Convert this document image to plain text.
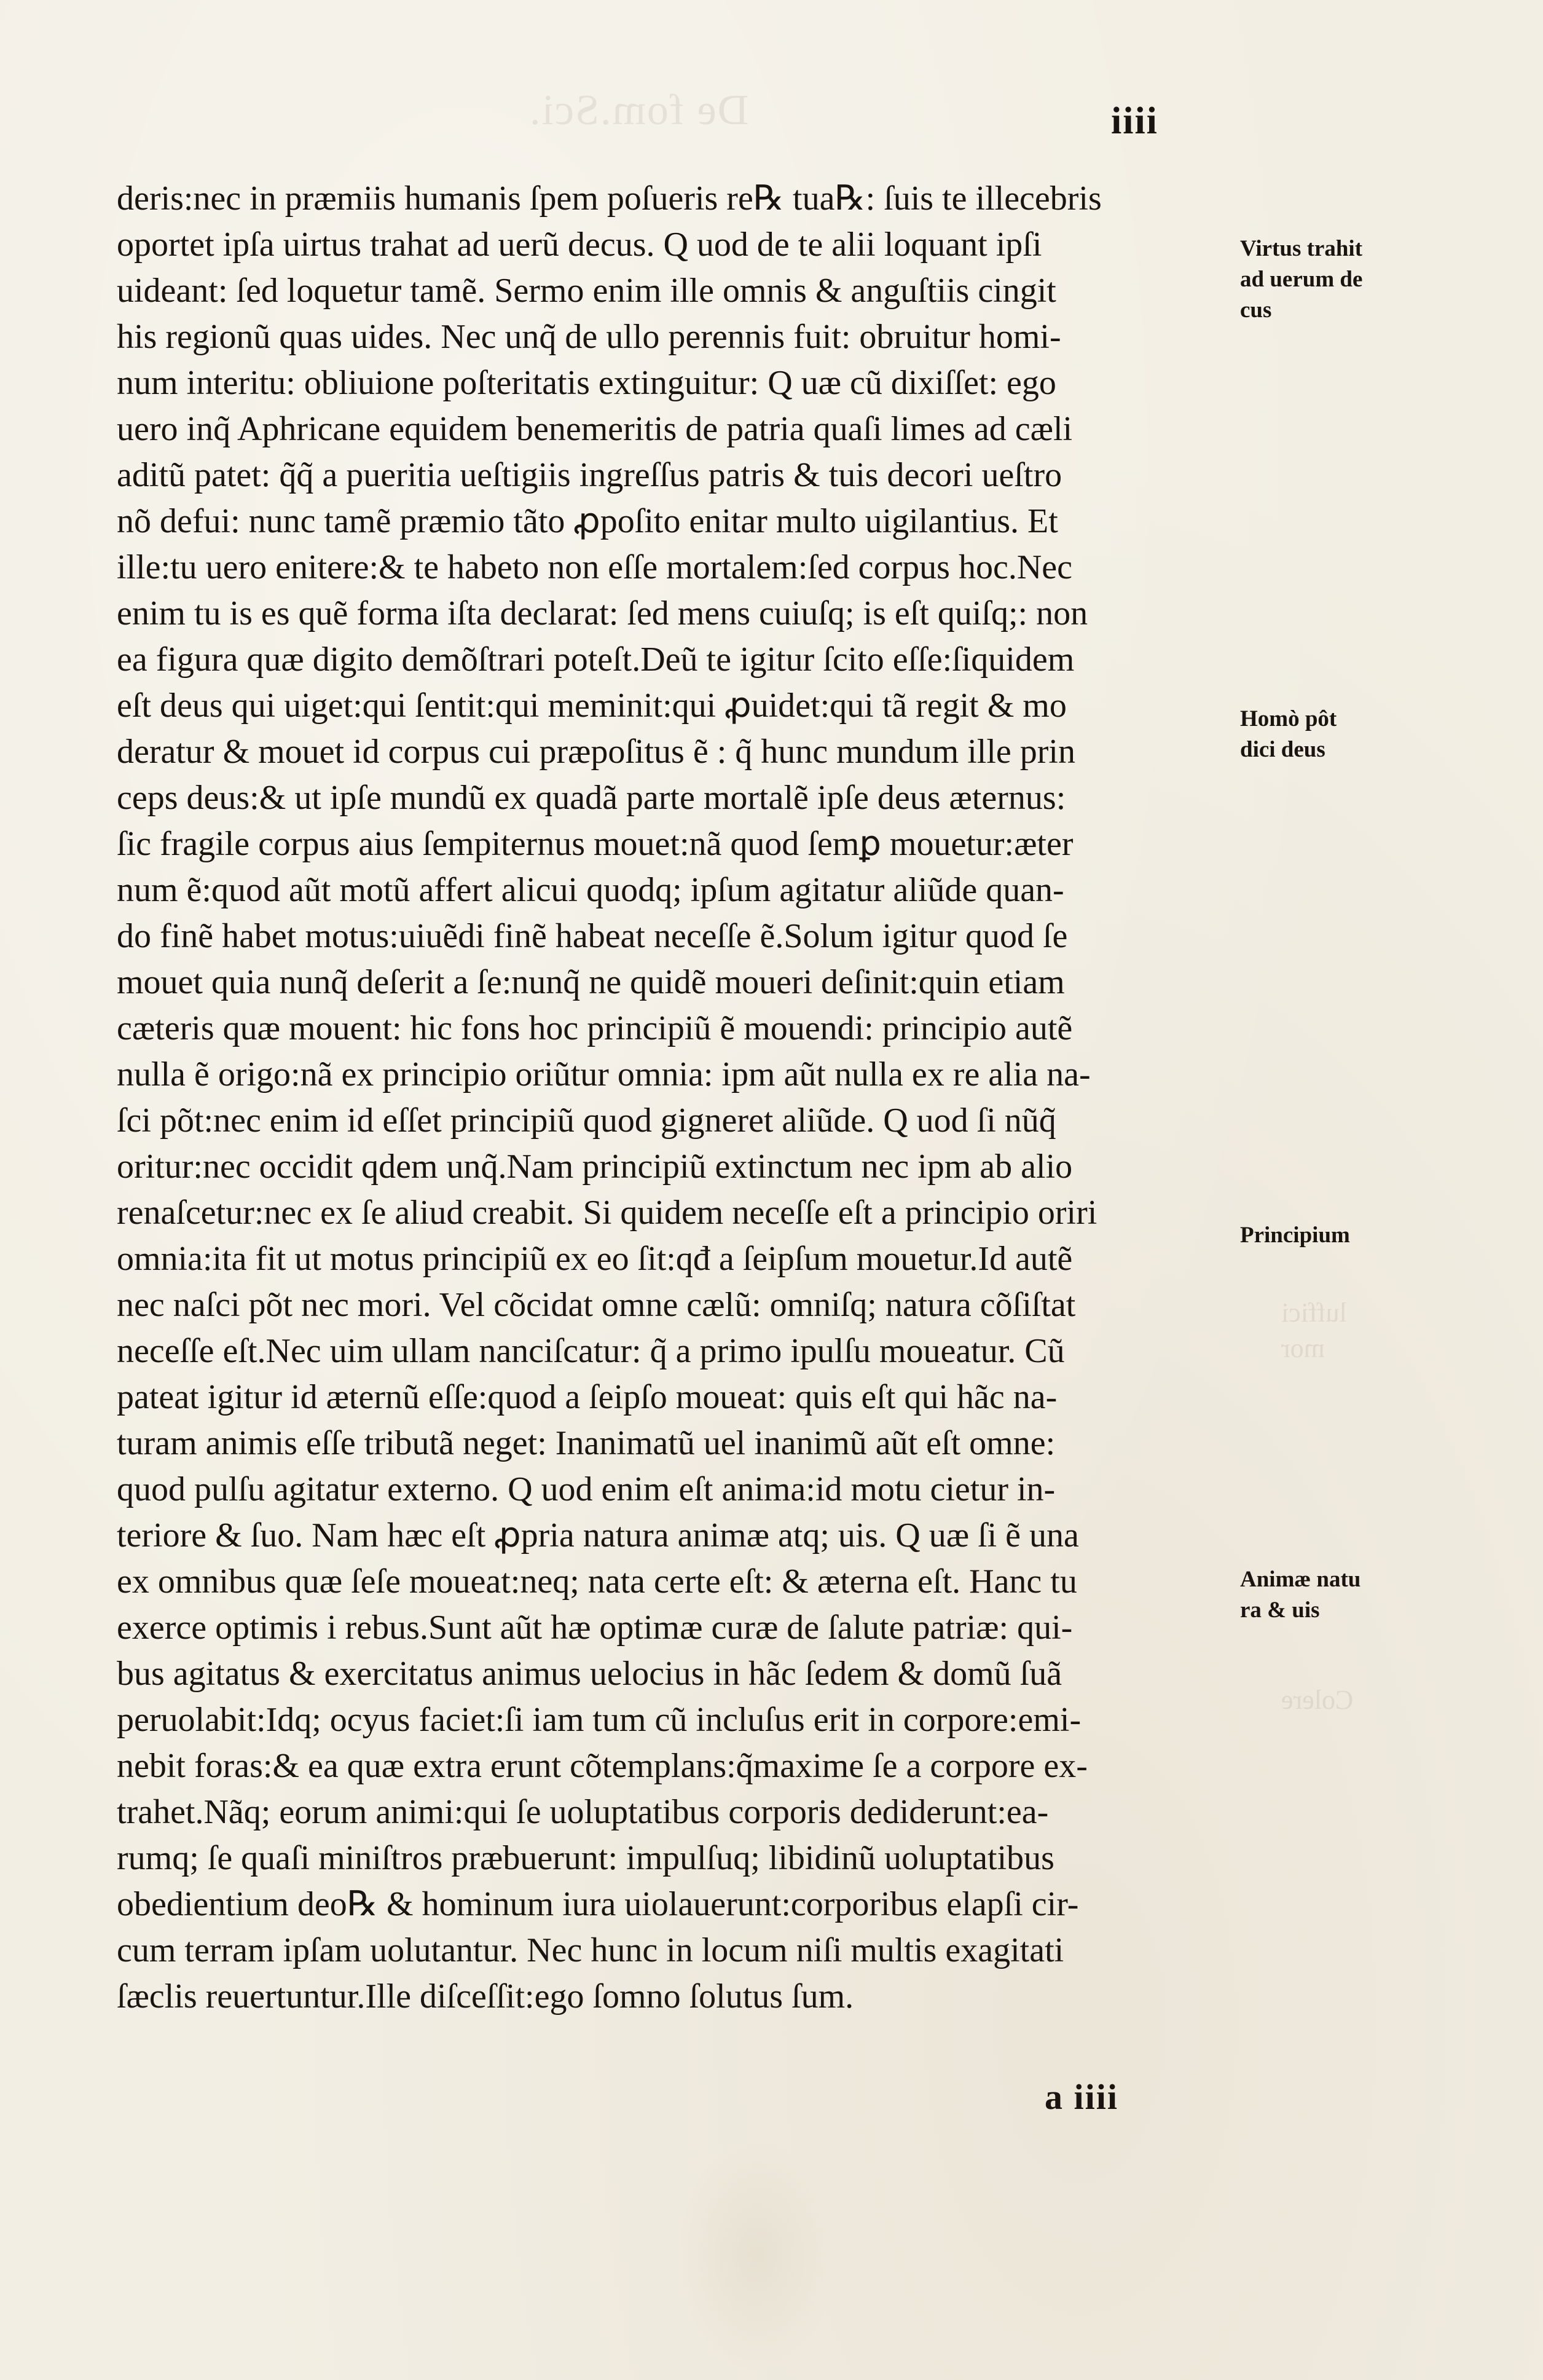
De fom.Sci.
luffici
mor
Colere
iiii
deris:nec in præmiis humanis ſpem poſueris re℞ tua℞: ſuis te illecebris
oportet ipſa uirtus trahat ad uerũ decus. Q uod de te alii loquant ipſi
uideant: ſed loquetur tamẽ. Sermo enim ille omnis & anguſtiis cingit
his regionũ quas uides. Nec unq̃ de ullo perennis fuit: obruitur homi-
num interitu: obliuione poſteritatis extinguitur: Q uæ cũ dixiſſet: ego
uero inq̃ Aphricane equidem benemeritis de patria quaſi limes ad cæli
aditũ patet: q̃q̃ a pueritia ueſtigiis ingreſſus patris & tuis decori ueſtro
nõ defui: nunc tamẽ præmio tãto ꝓpoſito enitar multo uigilantius. Et
ille:tu uero enitere:& te habeto non eſſe mortalem:ſed corpus hoc.Nec
enim tu is es quẽ forma iſta declarat: ſed mens cuiuſq; is eſt quiſq;: non
ea figura quæ digito demõſtrari poteſt.Deũ te igitur ſcito eſſe:ſiquidem
eſt deus qui uiget:qui ſentit:qui meminit:qui ꝓuidet:qui tã regit & mo
deratur & mouet id corpus cui præpoſitus ẽ : q̃ hunc mundum ille prin
ceps deus:& ut ipſe mundũ ex quadã parte mortalẽ ipſe deus æternus:
ſic fragile corpus aius ſempiternus mouet:nã quod ſemꝑ mouetur:æter
num ẽ:quod aũt motũ affert alicui quodq; ipſum agitatur aliũde quan-
do finẽ habet motus:uiuẽdi finẽ habeat neceſſe ẽ.Solum igitur quod ſe
mouet quia nunq̃ deſerit a ſe:nunq̃ ne quidẽ moueri deſinit:quin etiam
cæteris quæ mouent: hic fons hoc principiũ ẽ mouendi: principio autẽ
nulla ẽ origo:nã ex principio oriũtur omnia: ipm aũt nulla ex re alia na-
ſci põt:nec enim id eſſet principiũ quod gigneret aliũde. Q uod ſi nũq̃
oritur:nec occidit qdem unq̃.Nam principiũ extinctum nec ipm ab alio
renaſcetur:nec ex ſe aliud creabit. Si quidem neceſſe eſt a principio oriri
omnia:ita fit ut motus principiũ ex eo ſit:qđ a ſeipſum mouetur.Id autẽ
nec naſci põt nec mori. Vel cõcidat omne cælũ: omniſq; natura cõſiſtat
neceſſe eſt.Nec uim ullam nanciſcatur: q̃ a primo ipulſu moueatur. Cũ
pateat igitur id æternũ eſſe:quod a ſeipſo moueat: quis eſt qui hãc na-
turam animis eſſe tributã neget: Inanimatũ uel inanimũ aũt eſt omne:
quod pulſu agitatur externo. Q uod enim eſt anima:id motu cietur in-
teriore & ſuo. Nam hæc eſt ꝓpria natura animæ atq; uis. Q uæ ſi ẽ una
ex omnibus quæ ſeſe moueat:neq; nata certe eſt: & æterna eſt. Hanc tu
exerce optimis i rebus.Sunt aũt hæ optimæ curæ de ſalute patriæ: qui-
bus agitatus & exercitatus animus uelocius in hãc ſedem & domũ ſuã
peruolabit:Idq; ocyus faciet:ſi iam tum cũ incluſus erit in corpore:emi-
nebit foras:& ea quæ extra erunt cõtemplans:q̃maxime ſe a corpore ex-
trahet.Nãq; eorum animi:qui ſe uoluptatibus corporis dediderunt:ea-
rumq; ſe quaſi miniſtros præbuerunt: impulſuq; libidinũ uoluptatibus
obedientium deo℞ & hominum iura uiolauerunt:corporibus elapſi cir-
cum terram ipſam uolutantur. Nec hunc in locum niſi multis exagitati
ſæclis reuertuntur.Ille diſceſſit:ego ſomno ſolutus ſum.
Virtus trahit
ad uerum de
cus
Homò pôt
dici deus
Principium
Animæ natu
ra & uis
a iiii
